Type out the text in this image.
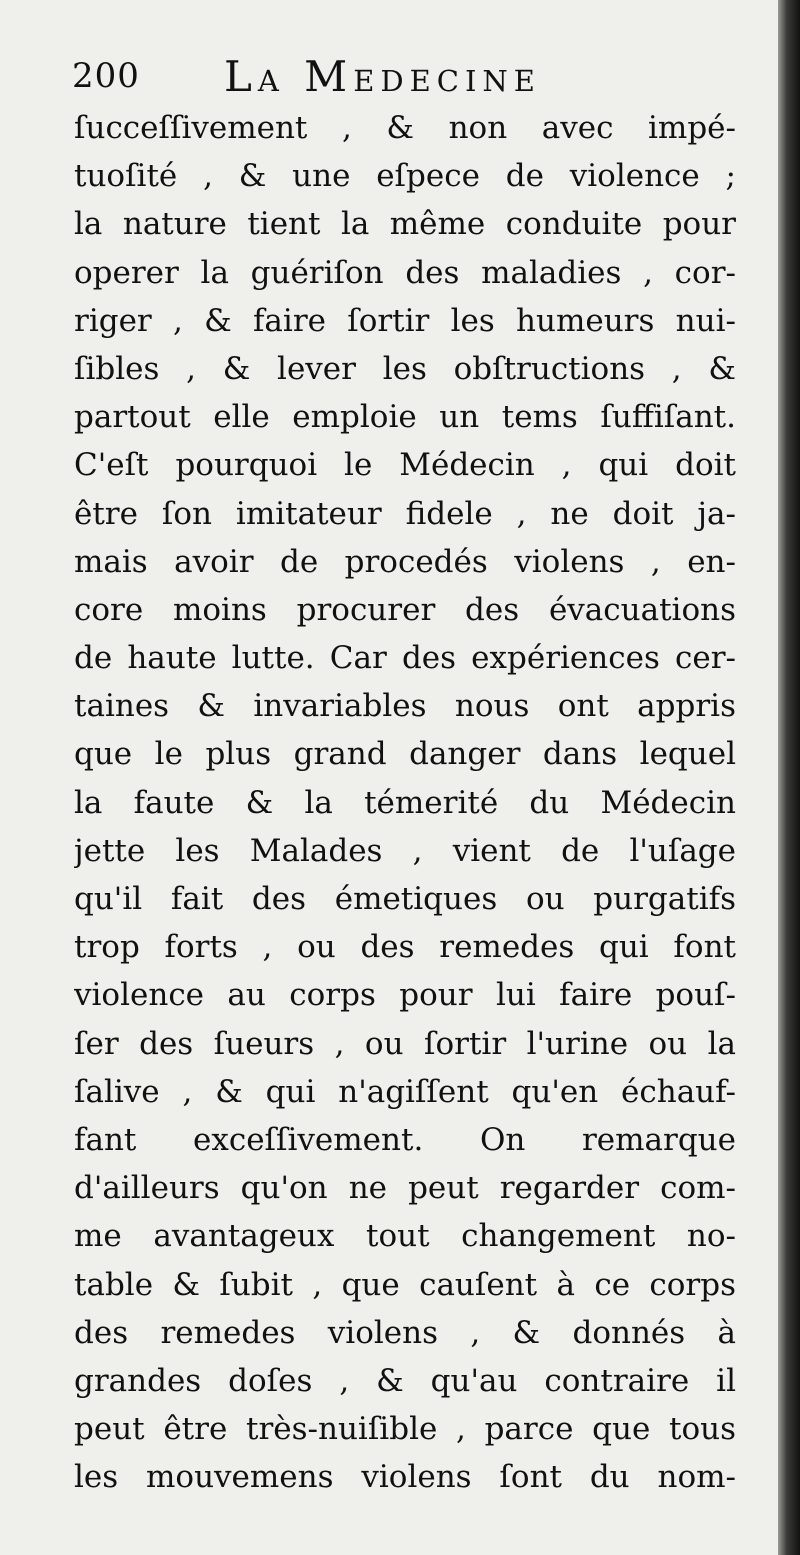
200 La Medecine
ſucceſſivement , & non avec impé-
tuoſité , & une eſpece de violence ;
la nature tient la même conduite pour
operer la guériſon des maladies , cor-
riger , & faire ſortir les humeurs nui-
ſibles , & lever les obſtructions , &
partout elle emploie un tems ſuffiſant.
C'eſt pourquoi le Médecin , qui doit
être ſon imitateur fidele , ne doit ja-
mais avoir de procedés violens , en-
core moins procurer des évacuations
de haute lutte. Car des expériences cer-
taines & invariables nous ont appris
que le plus grand danger dans lequel
la faute & la témerité du Médecin
jette les Malades , vient de l'uſage
qu'il fait des émetiques ou purgatifs
trop forts , ou des remedes qui font
violence au corps pour lui faire pouſ-
ſer des ſueurs , ou ſortir l'urine ou la
ſalive , & qui n'agiſſent qu'en échauf-
fant exceſſivement. On remarque
d'ailleurs qu'on ne peut regarder com-
me avantageux tout changement no-
table & ſubit , que cauſent à ce corps
des remedes violens , & donnés à
grandes doſes , & qu'au contraire il
peut être très-nuiſible , parce que tous
les mouvemens violens ſont du nom-
